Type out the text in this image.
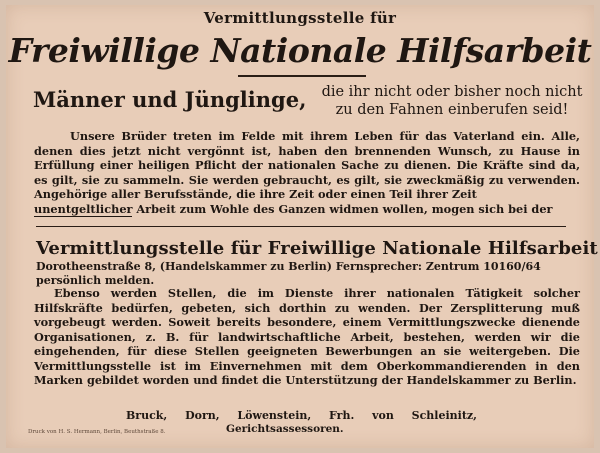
Vermittlungsstelle für
Freiwillige Nationale Hilfsarbeit
Männer und Jünglinge, die ihr nicht oder bisher noch nicht zu den Fahnen einberufen seid!
Unsere Brüder treten im Felde mit ihrem Leben für das Vaterland ein. Alle, denen dies jetzt nicht vergönnt ist, haben den brennenden Wunsch, zu Hause in Erfüllung einer heiligen Pflicht der nationalen Sache zu dienen. Die Kräfte sind da, es gilt, sie zu sammeln. Sie werden gebraucht, es gilt, sie zweckmäßig zu verwenden. Angehörige aller Berufsstände, die ihre Zeit oder einen Teil ihrer Zeit
unentgeltlicher Arbeit zum Wohle des Ganzen widmen wollen, mogen sich bei der
Vermittlungsstelle für Freiwillige Nationale Hilfsarbeit
Dorotheenstraße 8, (Handelskammer zu Berlin) Fernsprecher: Zentrum 10160/64
persönlich melden.
Ebenso werden Stellen, die im Dienste ihrer nationalen Tätigkeit solcher Hilfskräfte bedürfen, gebeten, sich dorthin zu wenden. Der Zersplitterung muß vorgebeugt werden. Soweit bereits besondere, einem Vermittlungszwecke dienende Organisationen, z. B. für landwirtschaftliche Arbeit, bestehen, werden wir die eingehenden, für diese Stellen geeigneten Bewerbungen an sie weitergeben. Die Vermittlungsstelle ist im Einvernehmen mit dem Oberkommandierenden in den Marken gebildet worden und findet die Unterstützung der Handelskammer zu Berlin.
Bruck, Dorn, Löwenstein, Frh. von Schleinitz,
Gerichtsassessoren.
Druck von H. S. Hermann, Berlin, Beuthstraße 8.
